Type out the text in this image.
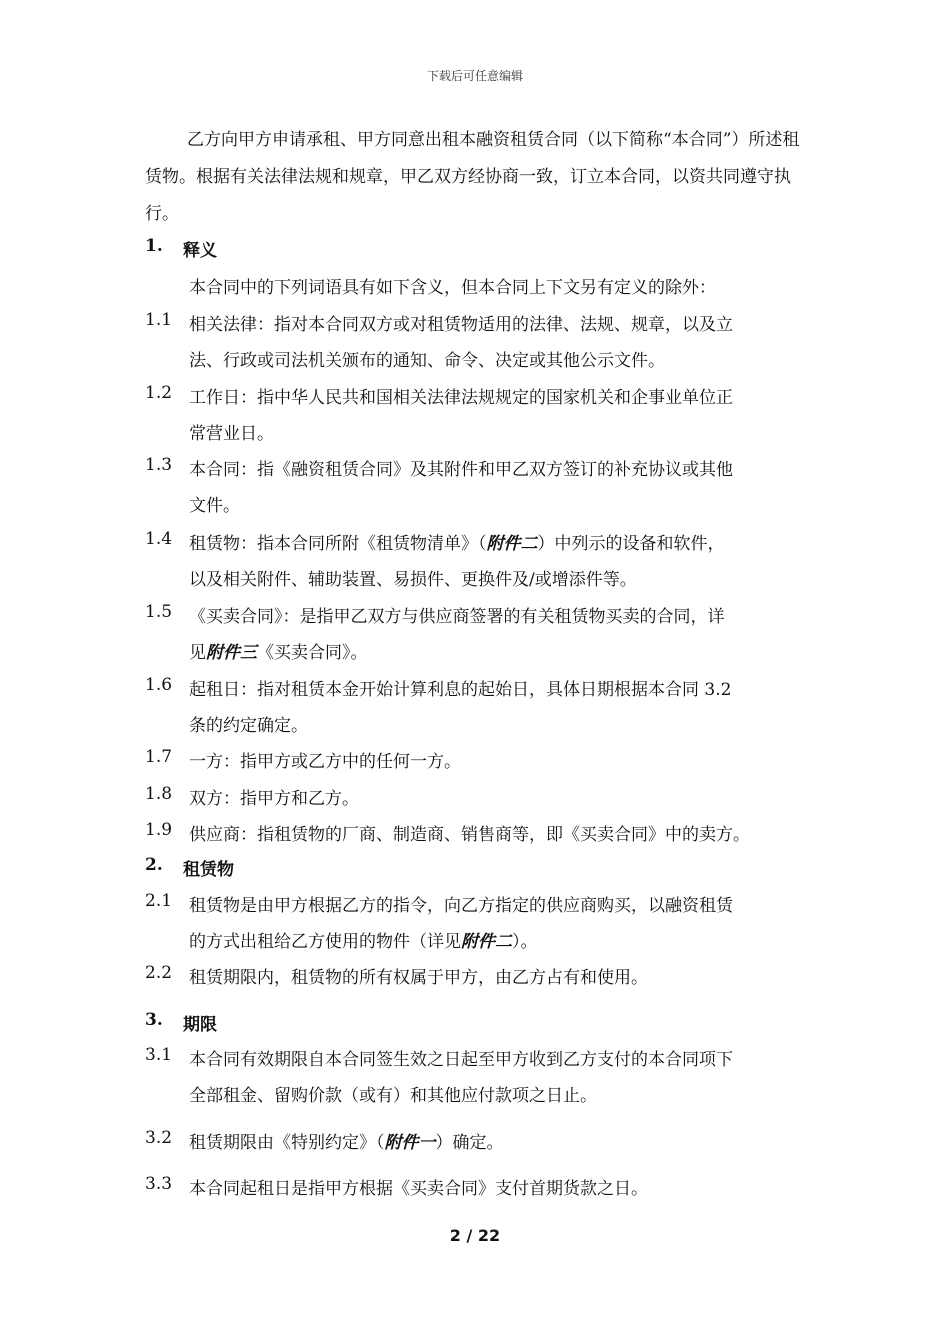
下载后可任意编辑

乙方向甲方申请承租、甲方同意出租本融资租赁合同（以下简称“本合同”）所述租赁物。根据有关法律法规和规章，甲乙双方经协商一致，订立本合同，以资共同遵守执行。

1. 释义
本合同中的下列词语具有如下含义，但本合同上下文另有定义的除外：
1.1 相关法律：指对本合同双方或对租赁物适用的法律、法规、规章，以及立
法、行政或司法机关颁布的通知、命令、决定或其他公示文件。
1.2 工作日：指中华人民共和国相关法律法规规定的国家机关和企事业单位正
常营业日。
1.3 本合同：指《融资租赁合同》及其附件和甲乙双方签订的补充协议或其他
文件。
1.4 租赁物：指本合同所附《租赁物清单》（附件二）中列示的设备和软件，
以及相关附件、辅助装置、易损件、更换件及/或增添件等。
1.5 《买卖合同》：是指甲乙双方与供应商签署的有关租赁物买卖的合同，详
见附件三《买卖合同》。
1.6 起租日：指对租赁本金开始计算利息的起始日，具体日期根据本合同 3.2
条的约定确定。
1.7 一方：指甲方或乙方中的任何一方。
1.8 双方：指甲方和乙方。
1.9 供应商：指租赁物的厂商、制造商、销售商等，即《买卖合同》中的卖方。
2. 租赁物
2.1 租赁物是由甲方根据乙方的指令，向乙方指定的供应商购买，以融资租赁
的方式出租给乙方使用的物件（详见附件二）。
2.2 租赁期限内，租赁物的所有权属于甲方，由乙方占有和使用。
3. 期限
3.1 本合同有效期限自本合同签生效之日起至甲方收到乙方支付的本合同项下
全部租金、留购价款（或有）和其他应付款项之日止。
3.2 租赁期限由《特别约定》（附件一）确定。
3.3 本合同起租日是指甲方根据《买卖合同》支付首期货款之日。
2 / 22
